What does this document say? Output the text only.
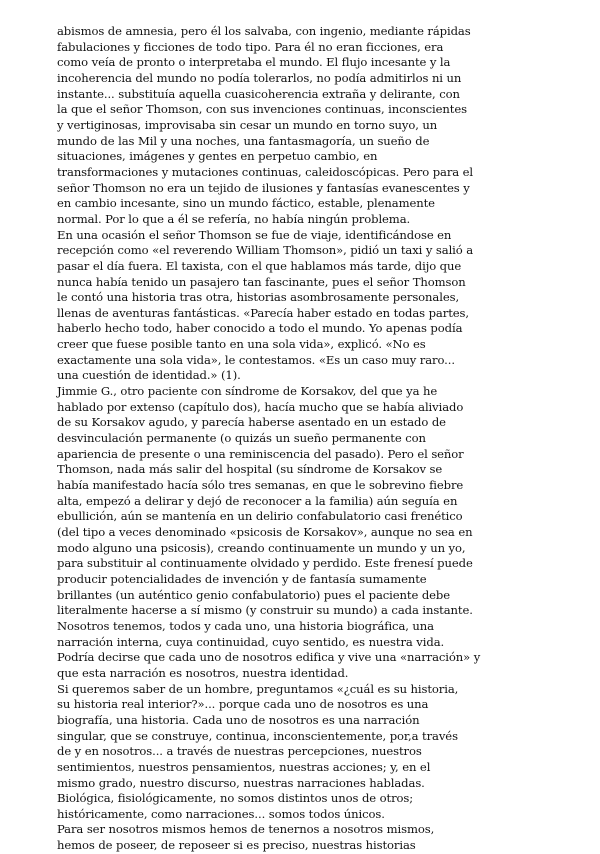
abismos de amnesia, pero él los salvaba, con ingenio, mediante rápidas
fabulaciones y ficciones de todo tipo. Para él no eran ficciones, era
como veía de pronto o interpretaba el mundo. El flujo incesante y la
incoherencia del mundo no podía tolerarlos, no podía admitirlos ni un
instante... substituía aquella cuasicoherencia extraña y delirante, con
la que el señor Thomson, con sus invenciones continuas, inconscientes
y vertiginosas, improvisaba sin cesar un mundo en torno suyo, un
mundo de las Mil y una noches, una fantasmagoría, un sueño de
situaciones, imágenes y gentes en perpetuo cambio, en
transformaciones y mutaciones continuas, caleidoscópicas. Pero para el
señor Thomson no era un tejido de ilusiones y fantasías evanescentes y
en cambio incesante, sino un mundo fáctico, estable, plenamente
normal. Por lo que a él se refería, no había ningún problema.
En una ocasión el señor Thomson se fue de viaje, identificándose en
recepción como «el reverendo William Thomson», pidió un taxi y salió a
pasar el día fuera. El taxista, con el que hablamos más tarde, dijo que
nunca había tenido un pasajero tan fascinante, pues el señor Thomson
le contó una historia tras otra, historias asombrosamente personales,
llenas de aventuras fantásticas. «Parecía haber estado en todas partes,
haberlo hecho todo, haber conocido a todo el mundo. Yo apenas podía
creer que fuese posible tanto en una sola vida», explicó. «No es
exactamente una sola vida», le contestamos. «Es un caso muy raro...
una cuestión de identidad.» (1).
Jimmie G., otro paciente con síndrome de Korsakov, del que ya he
hablado por extenso (capítulo dos), hacía mucho que se había aliviado
de su Korsakov agudo, y parecía haberse asentado en un estado de
desvinculación permanente (o quizás un sueño permanente con
apariencia de presente o una reminiscencia del pasado). Pero el señor
Thomson, nada más salir del hospital (su síndrome de Korsakov se
había manifestado hacía sólo tres semanas, en que le sobrevino fiebre
alta, empezó a delirar y dejó de reconocer a la familia) aún seguía en
ebullición, aún se mantenía en un delirio confabulatorio casi frenético
(del tipo a veces denominado «psicosis de Korsakov», aunque no sea en
modo alguno una psicosis), creando continuamente un mundo y un yo,
para substituir al continuamente olvidado y perdido. Este frenesí puede
producir potencialidades de invención y de fantasía sumamente
brillantes (un auténtico genio confabulatorio) pues el paciente debe
literalmente hacerse a sí mismo (y construir su mundo) a cada instante.
Nosotros tenemos, todos y cada uno, una historia biográfica, una
narración interna, cuya continuidad, cuyo sentido, es nuestra vida.
Podría decirse que cada uno de nosotros edifica y vive una «narración» y
que esta narración es nosotros, nuestra identidad.
Si queremos saber de un hombre, preguntamos «¿cuál es su historia,
su historia real interior?»... porque cada uno de nosotros es una
biografía, una historia. Cada uno de nosotros es una narración
singular, que se construye, continua, inconscientemente, por,a través
de y en nosotros... a través de nuestras percepciones, nuestros
sentimientos, nuestros pensamientos, nuestras acciones; y, en el
mismo grado, nuestro discurso, nuestras narraciones habladas.
Biológica, fisiológicamente, no somos distintos unos de otros;
históricamente, como narraciones... somos todos únicos.
Para ser nosotros mismos hemos de tenernos a nosotros mismos,
hemos de poseer, de reposeer si es preciso, nuestras historias
